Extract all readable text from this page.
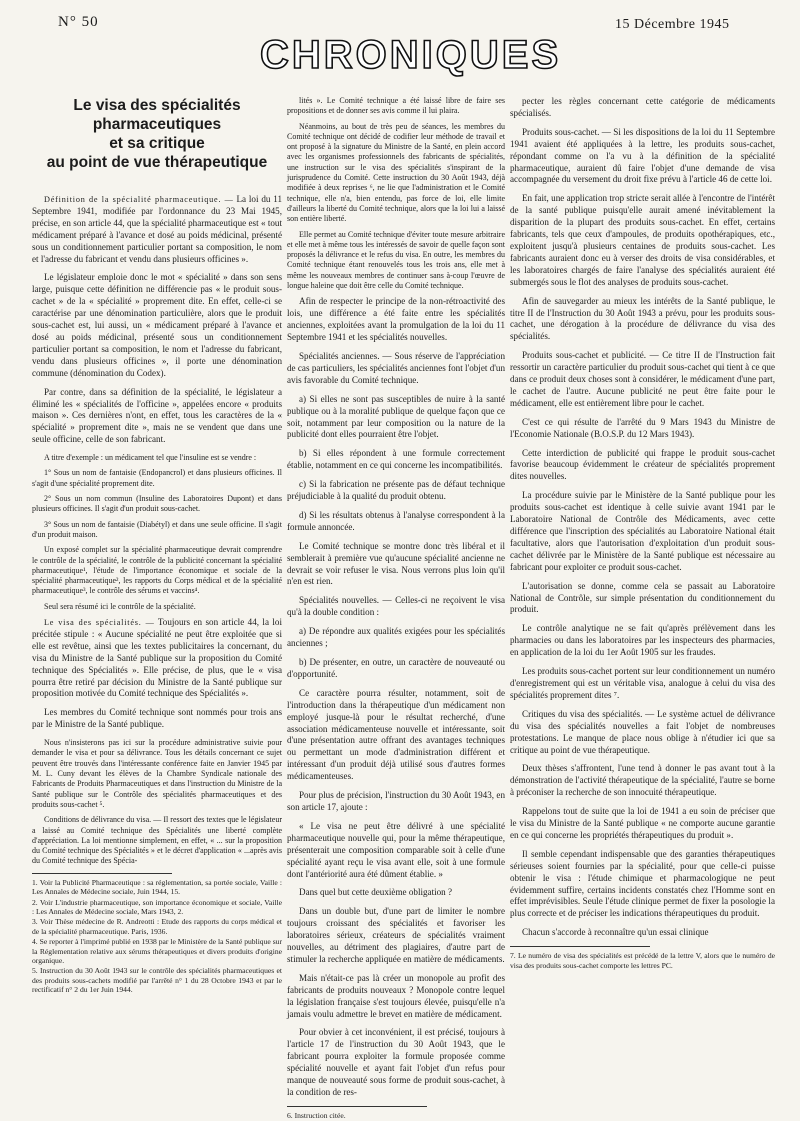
N° 50
CHRONIQUES
15 Décembre 1945
Le visa des spécialités
pharmaceutiques
et sa critique
au point de vue thérapeutique

Définition de la spécialité pharmaceutique. — La loi du 11 Septembre 1941, modifiée par l'ordonnance du 23 Mai 1945, précise, en son article 44, que la spécialité pharmaceutique est « tout médicament préparé à l'avance et dosé au poids médicinal, présenté sous un conditionnement particulier portant sa composition, le nom et l'adresse du fabricant et vendu dans plusieurs officines ».

Le législateur emploie donc le mot « spécialité » dans son sens large, puisque cette définition ne différencie pas « le produit sous-cachet » de la « spécialité » proprement dite. En effet, celle-ci se caractérise par une dénomination particulière, alors que le produit sous-cachet est, lui aussi, un « médicament préparé à l'avance et dosé au poids médicinal, présenté sous un conditionnement particulier portant sa composition, le nom et l'adresse du fabricant, vendu dans plusieurs officines », il porte une dénomination commune (dénomination du Codex).

Par contre, dans sa définition de la spécialité, le législateur a éliminé les « spécialités de l'officine », appelées encore « produits maison ». Ces dernières n'ont, en effet, tous les caractères de la « spécialité » proprement dite », mais ne se vendent que dans une seule officine, celle de son fabricant.

A titre d'exemple : un médicament tel que l'insuline est se vendre :

1° Sous un nom de fantaisie (Endopancrol) et dans plusieurs officines. Il s'agit d'une spécialité proprement dite.

2° Sous un nom commun (Insuline des Laboratoires Dupont) et dans plusieurs officines. Il s'agit d'un produit sous-cachet.

3° Sous un nom de fantaisie (Diabétyl) et dans une seule officine. Il s'agit d'un produit maison.

Un exposé complet sur la spécialité pharmaceutique devrait comprendre le contrôle de la spécialité, le contrôle de la publicité concernant la spécialité pharmaceutique¹, l'étude de l'importance économique et sociale de la spécialité pharmaceutique², les rapports du Corps médical et de la spécialité pharmaceutique³, le contrôle des sérums et vaccins⁴.

Seul sera résumé ici le contrôle de la spécialité.

Le visa des spécialités. — Toujours en son article 44, la loi précitée stipule : « Aucune spécialité ne peut être exploitée que si elle est revêtue, ainsi que les textes publicitaires la concernant, du visa du Ministre de la Santé publique sur la proposition du Comité technique des Spécialités ». Elle précise, de plus, que le « visa pourra être retiré par décision du Ministre de la Santé publique sur proposition motivée du Comité technique des Spécialités ».

Les membres du Comité technique sont nommés pour trois ans par le Ministre de la Santé publique.

Nous n'insisterons pas ici sur la procédure administrative suivie pour demander le visa et pour sa délivrance. Tous les détails concernant ce sujet peuvent être trouvés dans l'intéressante conférence faite en Janvier 1945 par M. L. Cuny devant les élèves de la Chambre Syndicale nationale des Fabricants de Produits Pharmaceutiques et dans l'instruction du Ministre de la Santé publique sur le Contrôle des spécialités pharmaceutiques et des produits sous-cachet ⁵.

Conditions de délivrance du visa. — Il ressort des textes que le législateur a laissé au Comité technique des Spécialités une liberté complète d'appréciation. La loi mentionne simplement, en effet, « ... sur la proposition du Comité technique des Spécialités » et le décret d'application « ...après avis du Comité technique des Spécia-

1. Voir la Publicité Pharmaceutique : sa réglementation, sa portée sociale, Vaille : Les Annales de Médecine sociale, Juin 1944, 15.

2. Voir L'industrie pharmaceutique, son importance économique et sociale, Vaille : Les Annales de Médecine sociale, Mars 1943, 2.

3. Voir Thèse médecine de R. Andreotti : Etude des rapports du corps médical et de la spécialité pharmaceutique. Paris, 1936.

4. Se reporter à l'imprimé publié en 1938 par le Ministère de la Santé publique sur la Réglementation relative aux sérums thérapeutiques et divers produits d'origine organique.

5. Instruction du 30 Août 1943 sur le contrôle des spécialités pharmaceutiques et des produits sous-cachets modifié par l'arrêté n° 1 du 28 Octobre 1943 et par le rectificatif n° 2 du 1er Juin 1944.

lités ». Le Comité technique a été laissé libre de faire ses propositions et de donner ses avis comme il lui plaira.

Néanmoins, au bout de très peu de séances, les membres du Comité technique ont décidé de codifier leur méthode de travail et ont proposé à la signature du Ministre de la Santé, en plein accord avec les organismes professionnels des fabricants de spécialités, une instruction sur le visa des spécialités s'inspirant de la jurisprudence du Comité. Cette instruction du 30 Août 1943, déjà modifiée à deux reprises ⁶, ne lie que l'administration et le Comité technique, elle n'a, bien entendu, pas force de loi, elle limite d'ailleurs la liberté du Comité technique, alors que la loi lui a laissé son entière liberté.

Elle permet au Comité technique d'éviter toute mesure arbitraire et elle met à même tous les intéressés de savoir de quelle façon sont proposés la délivrance et le refus du visa. En outre, les membres du Comité technique étant renouvelés tous les trois ans, elle met à même les nouveaux membres de continuer sans à-coup l'œuvre de longue haleine que doit être celle du Comité technique.

Afin de respecter le principe de la non-rétroactivité des lois, une différence a été faite entre les spécialités anciennes, exploitées avant la promulgation de la loi du 11 Septembre 1941 et les spécialités nouvelles.

Spécialités anciennes. — Sous réserve de l'appréciation de cas particuliers, les spécialités anciennes font l'objet d'un avis favorable du Comité technique.

a) Si elles ne sont pas susceptibles de nuire à la santé publique ou à la moralité publique de quelque façon que ce soit, notamment par leur composition ou la nature de la publicité dont elles pourraient être l'objet.

b) Si elles répondent à une formule correctement établie, notamment en ce qui concerne les incompatibilités.

c) Si la fabrication ne présente pas de défaut technique préjudiciable à la qualité du produit obtenu.

d) Si les résultats obtenus à l'analyse correspondent à la formule annoncée.

Le Comité technique se montre donc très libéral et il semblerait à première vue qu'aucune spécialité ancienne ne devrait se voir refuser le visa. Nous verrons plus loin qu'il n'en est rien.

Spécialités nouvelles. — Celles-ci ne reçoivent le visa qu'à la double condition :

a) De répondre aux qualités exigées pour les spécialités anciennes ;

b) De présenter, en outre, un caractère de nouveauté ou d'opportunité.

Ce caractère pourra résulter, notamment, soit de l'introduction dans la thérapeutique d'un médicament non employé jusque-là pour le résultat recherché, d'une association médicamenteuse nouvelle et intéressante, soit d'une présentation autre offrant des avantages techniques ou permettant un mode d'administration différent et intéressant d'un produit déjà utilisé sous d'autres formes médicamenteuses.

Pour plus de précision, l'instruction du 30 Août 1943, en son article 17, ajoute :

« Le visa ne peut être délivré à une spécialité pharmaceutique nouvelle qui, pour la même thérapeutique, présenterait une composition comparable soit à celle d'une spécialité ayant reçu le visa avant elle, soit à une formule dont l'antériorité aura été dûment établie. »

Dans quel but cette deuxième obligation ?

Dans un double but, d'une part de limiter le nombre toujours croissant des spécialités et favoriser les laboratoires sérieux, créateurs de spécialités vraiment nouvelles, au détriment des plagiaires, d'autre part de stimuler la recherche appliquée en matière de médicaments.

Mais n'était-ce pas là créer un monopole au profit des fabricants de produits nouveaux ? Monopole contre lequel la législation française s'est toujours élevée, puisqu'elle n'a jamais voulu admettre le brevet en matière de médicament.

Pour obvier à cet inconvénient, il est précisé, toujours à l'article 17 de l'instruction du 30 Août 1943, que le fabricant pourra exploiter la formule proposée comme spécialité nouvelle et ayant fait l'objet d'un refus pour manque de nouveauté sous forme de produit sous-cachet, à la condition de res-

6. Instruction citée.

pecter les règles concernant cette catégorie de médicaments spécialisés.

Produits sous-cachet. — Si les dispositions de la loi du 11 Septembre 1941 avaient été appliquées à la lettre, les produits sous-cachet, répondant comme on l'a vu à la définition de la spécialité pharmaceutique, auraient dû faire l'objet d'une demande de visa accompagnée du versement du droit fixe prévu à l'article 46 de cette loi.

En fait, une application trop stricte serait allée à l'encontre de l'intérêt de la santé publique puisqu'elle aurait amené inévitablement la disparition de la plupart des produits sous-cachet. En effet, certains fabricants, tels que ceux d'ampoules, de produits opothérapiques, etc., exploitent jusqu'à plusieurs centaines de produits sous-cachet. Les fabricants auraient donc eu à verser des droits de visa considérables, et les laboratoires chargés de faire l'analyse des spécialités auraient été submergés sous le flot des analyses de produits sous-cachet.

Afin de sauvegarder au mieux les intérêts de la Santé publique, le titre II de l'Instruction du 30 Août 1943 a prévu, pour les produits sous-cachet, une dérogation à la procédure de délivrance du visa des spécialités.

Produits sous-cachet et publicité. — Ce titre II de l'Instruction fait ressortir un caractère particulier du produit sous-cachet qui tient à ce que dans ce produit deux choses sont à considérer, le médicament d'une part, le cachet de l'autre. Aucune publicité ne peut être faite pour le médicament, elle est entièrement libre pour le cachet.

C'est ce qui résulte de l'arrêté du 9 Mars 1943 du Ministre de l'Economie Nationale (B.O.S.P. du 12 Mars 1943).

Cette interdiction de publicité qui frappe le produit sous-cachet favorise beaucoup évidemment le créateur de spécialités proprement dites nouvelles.

La procédure suivie par le Ministère de la Santé publique pour les produits sous-cachet est identique à celle suivie avant 1941 par le Laboratoire National de Contrôle des Médicaments, avec cette différence que l'inscription des spécialités au Laboratoire National était facultative, alors que l'autorisation d'exploitation d'un produit sous-cachet délivrée par le Ministère de la Santé publique est nécessaire au fabricant pour exploiter ce produit sous-cachet.

L'autorisation se donne, comme cela se passait au Laboratoire National de Contrôle, sur simple présentation du conditionnement du produit.

Le contrôle analytique ne se fait qu'après prélèvement dans les pharmacies ou dans les laboratoires par les inspecteurs des pharmacies, en application de la loi du 1er Août 1905 sur les fraudes.

Les produits sous-cachet portent sur leur conditionnement un numéro d'enregistrement qui est un véritable visa, analogue à celui du visa des spécialités proprement dites ⁷.

Critiques du visa des spécialités. — Le système actuel de délivrance du visa des spécialités nouvelles a fait l'objet de nombreuses protestations. Le manque de place nous oblige à n'étudier ici que sa critique au point de vue thérapeutique.

Deux thèses s'affrontent, l'une tend à donner le pas avant tout à la démonstration de l'activité thérapeutique de la spécialité, l'autre se borne à préconiser la recherche de son innocuité thérapeutique.

Rappelons tout de suite que la loi de 1941 a eu soin de préciser que le visa du Ministre de la Santé publique « ne comporte aucune garantie en ce qui concerne les propriétés thérapeutiques du produit ».

Il semble cependant indispensable que des garanties thérapeutiques sérieuses soient fournies par la spécialité, pour que celle-ci puisse obtenir le visa : l'étude chimique et pharmacologique ne peut évidemment suffire, certains incidents constatés chez l'Homme sont en effet imprévisibles. Seule l'étude clinique permet de fixer la posologie la plus correcte et de préciser les indications thérapeutiques du produit.

Chacun s'accorde à reconnaître qu'un essai clinique

7. Le numéro de visa des spécialités est précédé de la lettre V, alors que le numéro de visa des produits sous-cachet comporte les lettres PC.
